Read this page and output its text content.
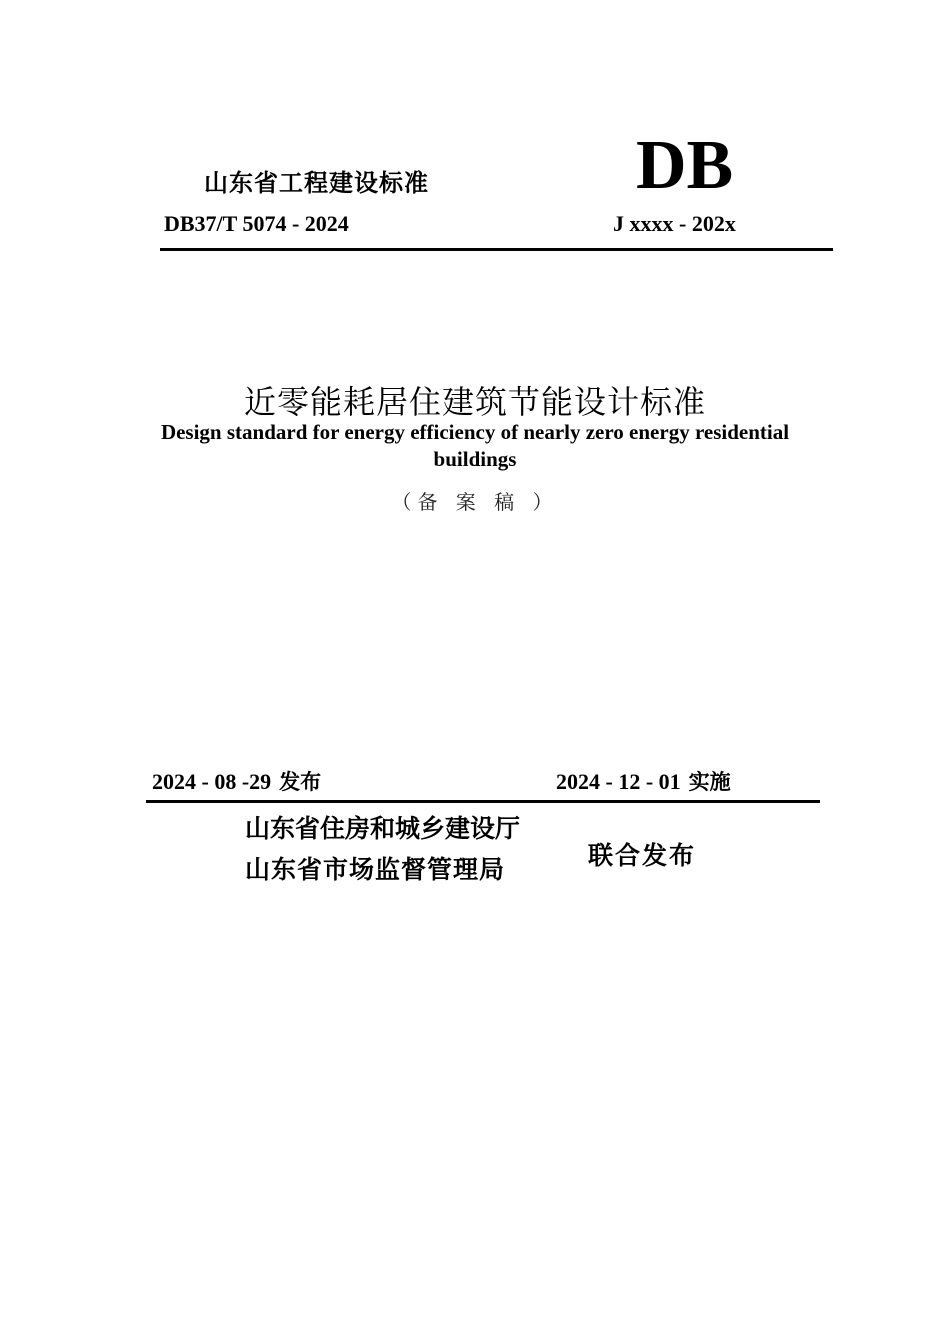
山东省工程建设标准	DB
DB37/T 5074 - 2024	J xxxx - 202x
近零能耗居住建筑节能设计标准
Design standard for energy efficiency of nearly zero energy residential buildings
（备 案 稿 ）
2024 - 08 -29 发布	2024 - 12 - 01 实施
山东省住房和城乡建设厅
山东省市场监督管理局	联合发布
